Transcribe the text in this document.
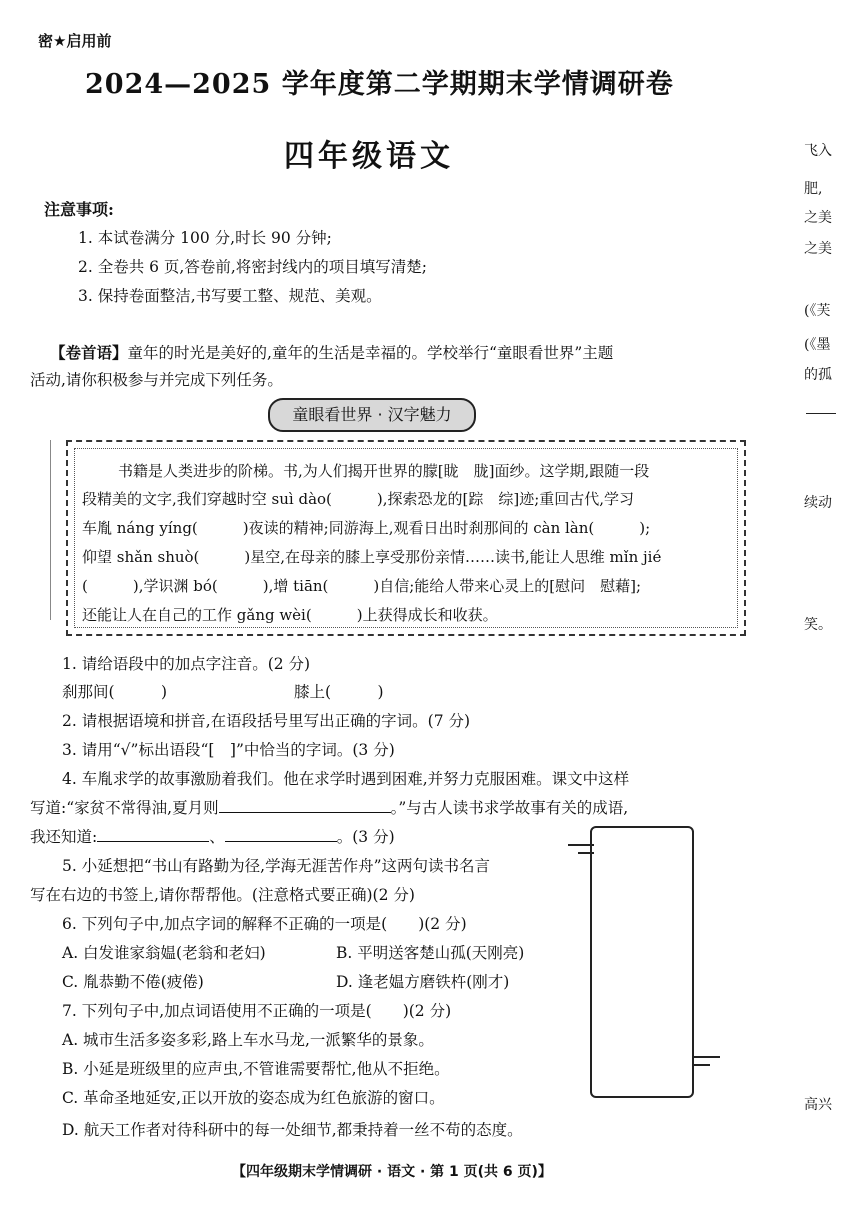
密★启用前
2024—2025 学年度第二学期期末学情调研卷
四年级语文
注意事项:
1. 本试卷满分 100 分,时长 90 分钟;
2. 全卷共 6 页,答卷前,将密封线内的项目填写清楚;
3. 保持卷面整洁,书写要工整、规范、美观。
【卷首语】童年的时光是美好的,童年的生活是幸福的。学校举行“童眼看世界”主题
活动,请你积极参与并完成下列任务。
童眼看世界 · 汉字魅力
书籍是人类进步的阶梯。书,为人们揭开世界的朦[眬　胧]面纱。这学期,跟随一段
段精美的文字,我们穿越时空 suì dào(　　　),探索恐龙的[踪　综]迹;重回古代,学习
车胤 náng yíng(　　　)夜读的精神;同游海上,观看日出时刹那间的 càn làn(　　　);
仰望 shǎn shuò(　　　)星空,在母亲的膝上享受那份亲情……读书,能让人思维 mǐn jié
(　　　),学识渊 bó(　　　),增 tiān(　　　)自信;能给人带来心灵上的[慰问　慰藉];
还能让人在自己的工作 gǎng wèi(　　　)上获得成长和收获。
1. 请给语段中的加点字注音。(2 分)
刹那间(　　　)	膝上(　　　)
2. 请根据语境和拼音,在语段括号里写出正确的字词。(7 分)
3. 请用“√”标出语段“[　]”中恰当的字词。(3 分)
4. 车胤求学的故事激励着我们。他在求学时遇到困难,并努力克服困难。课文中这样
写道:“家贫不常得油,夏月则	。”与古人读书求学故事有关的成语,
我还知道:	、	。(3 分)
5. 小延想把“书山有路勤为径,学海无涯苦作舟”这两句读书名言
写在右边的书签上,请你帮帮他。(注意格式要正确)(2 分)
6. 下列句子中,加点字词的解释不正确的一项是(　　)(2 分)
A. 白发谁家翁媪(老翁和老妇)	B. 平明送客楚山孤(天刚亮)
C. 胤恭勤不倦(疲倦)	D. 逢老媪方磨铁杵(刚才)
7. 下列句子中,加点词语使用不正确的一项是(　　)(2 分)
A. 城市生活多姿多彩,路上车水马龙,一派繁华的景象。
B. 小延是班级里的应声虫,不管谁需要帮忙,他从不拒绝。
C. 革命圣地延安,正以开放的姿态成为红色旅游的窗口。
D. 航天工作者对待科研中的每一处细节,都秉持着一丝不苟的态度。
飞入
肥,
之美
之美
(《芙
(《墨
的孤
续动
笑。
高兴
【四年级期末学情调研 · 语文 · 第 1 页(共 6 页)】
